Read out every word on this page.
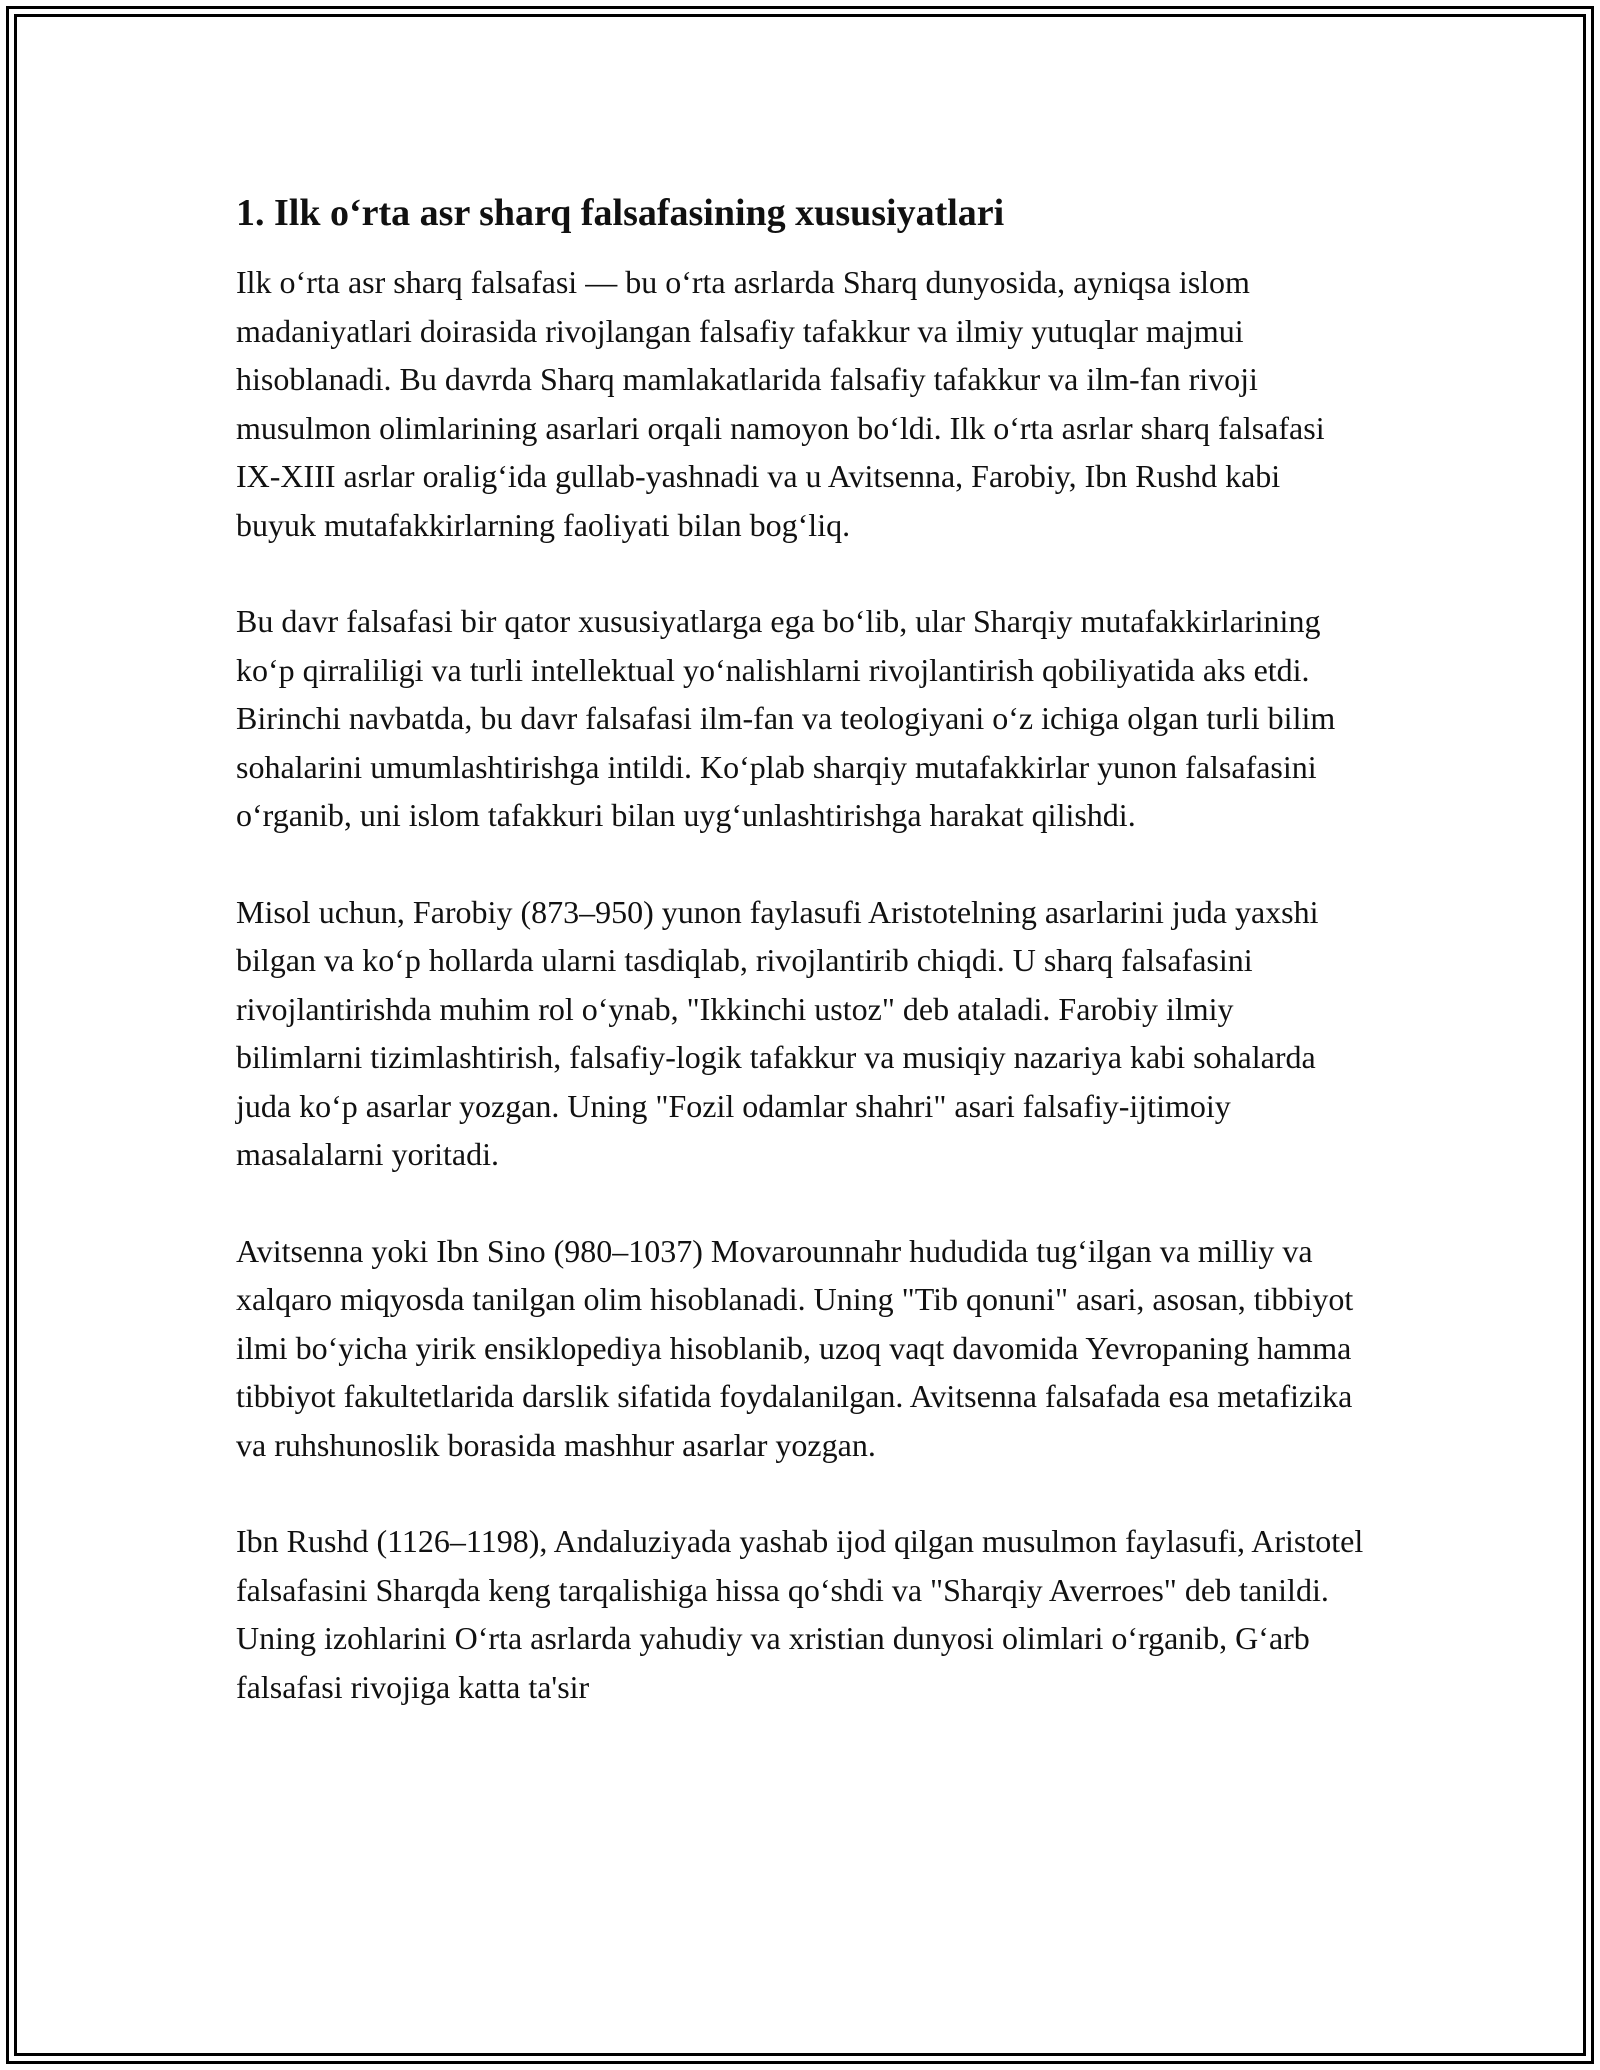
1. Ilk o‘rta asr sharq falsafasining xususiyatlari

Ilk o‘rta asr sharq falsafasi — bu o‘rta asrlarda Sharq dunyosida, ayniqsa islom madaniyatlari doirasida rivojlangan falsafiy tafakkur va ilmiy yutuqlar majmui hisoblanadi. Bu davrda Sharq mamlakatlarida falsafiy tafakkur va ilm-fan rivoji musulmon olimlarining asarlari orqali namoyon bo‘ldi. Ilk o‘rta asrlar sharq falsafasi IX-XIII asrlar oralig‘ida gullab-yashnadi va u Avitsenna, Farobiy, Ibn Rushd kabi buyuk mutafakkirlarning faoliyati bilan bog‘liq.

Bu davr falsafasi bir qator xususiyatlarga ega bo‘lib, ular Sharqiy mutafakkirlarining ko‘p qirraliligi va turli intellektual yo‘nalishlarni rivojlantirish qobiliyatida aks etdi. Birinchi navbatda, bu davr falsafasi ilm-fan va teologiyani o‘z ichiga olgan turli bilim sohalarini umumlashtirishga intildi. Ko‘plab sharqiy mutafakkirlar yunon falsafasini o‘rganib, uni islom tafakkuri bilan uyg‘unlashtirishga harakat qilishdi.

Misol uchun, Farobiy (873–950) yunon faylasufi Aristotelning asarlarini juda yaxshi bilgan va ko‘p hollarda ularni tasdiqlab, rivojlantirib chiqdi. U sharq falsafasini rivojlantirishda muhim rol o‘ynab, "Ikkinchi ustoz" deb ataladi. Farobiy ilmiy bilimlarni tizimlashtirish, falsafiy-logik tafakkur va musiqiy nazariya kabi sohalarda juda ko‘p asarlar yozgan. Uning "Fozil odamlar shahri" asari falsafiy-ijtimoiy masalalarni yoritadi.

Avitsenna yoki Ibn Sino (980–1037) Movarounnahr hududida tug‘ilgan va milliy va xalqaro miqyosda tanilgan olim hisoblanadi. Uning "Tib qonuni" asari, asosan, tibbiyot ilmi bo‘yicha yirik ensiklopediya hisoblanib, uzoq vaqt davomida Yevropaning hamma tibbiyot fakultetlarida darslik sifatida foydalanilgan. Avitsenna falsafada esa metafizika va ruhshunoslik borasida mashhur asarlar yozgan.

Ibn Rushd (1126–1198), Andaluziyada yashab ijod qilgan musulmon faylasufi, Aristotel falsafasini Sharqda keng tarqalishiga hissa qo‘shdi va "Sharqiy Averroes" deb tanildi. Uning izohlarini O‘rta asrlarda yahudiy va xristian dunyosi olimlari o‘rganib, G‘arb falsafasi rivojiga katta ta'sir
